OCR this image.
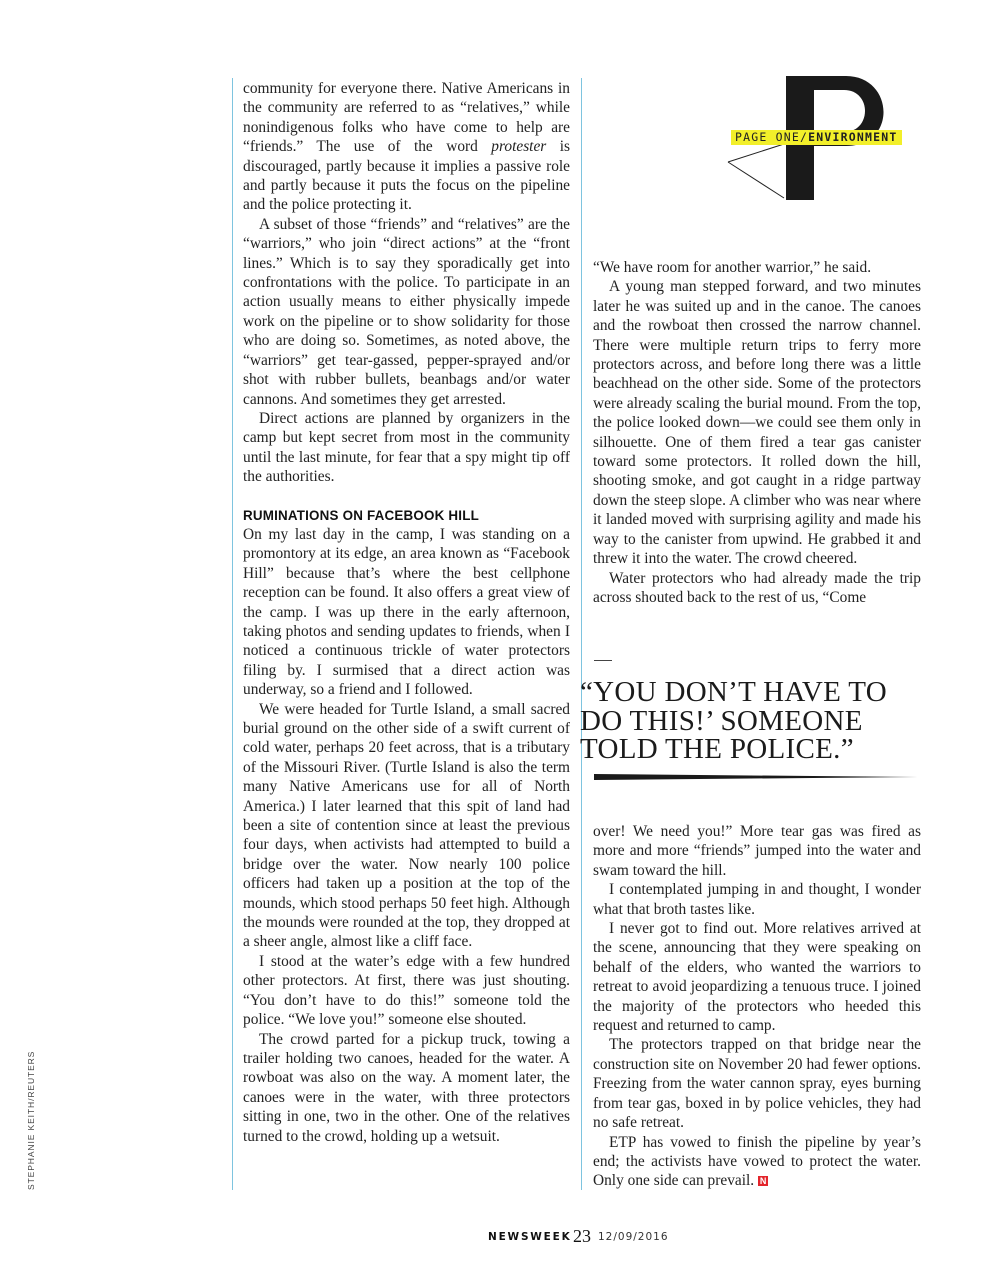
PAGE ONE/ENVIRONMENT

community for everyone there. Native Americans in the community are referred to as “relatives,” while nonindigenous folks who have come to help are “friends.” The use of the word protester is discouraged, partly because it implies a passive role and partly because it puts the focus on the pipeline and the police protecting it.

A subset of those “friends” and “relatives” are the “warriors,” who join “direct actions” at the “front lines.” Which is to say they sporadically get into confrontations with the police. To participate in an action usually means to either physically impede work on the pipeline or to show solidarity for those who are doing so. Sometimes, as noted above, the “warriors” get tear-gassed, pepper-sprayed and/or shot with rubber bullets, beanbags and/or water cannons. And sometimes they get arrested.

Direct actions are planned by organizers in the camp but kept secret from most in the community until the last minute, for fear that a spy might tip off the authorities.

RUMINATIONS ON FACEBOOK HILL

On my last day in the camp, I was standing on a promontory at its edge, an area known as “Facebook Hill” because that’s where the best cellphone reception can be found. It also offers a great view of the camp. I was up there in the early afternoon, taking photos and sending updates to friends, when I noticed a continuous trickle of water protectors filing by. I surmised that a direct action was underway, so a friend and I followed.

We were headed for Turtle Island, a small sacred burial ground on the other side of a swift current of cold water, perhaps 20 feet across, that is a tributary of the Missouri River. (Turtle Island is also the term many Native Americans use for all of North America.) I later learned that this spit of land had been a site of contention since at least the previous four days, when activists had attempted to build a bridge over the water. Now nearly 100 police officers had taken up a position at the top of the mounds, which stood perhaps 50 feet high. Although the mounds were rounded at the top, they dropped at a sheer angle, almost like a cliff face.

I stood at the water’s edge with a few hundred other protectors. At first, there was just shouting. “You don’t have to do this!” someone told the police. “We love you!” someone else shouted.

The crowd parted for a pickup truck, towing a trailer holding two canoes, headed for the water. A rowboat was also on the way. A moment later, the canoes were in the water, with three protectors sitting in one, two in the other. One of the relatives turned to the crowd, holding up a wetsuit.

“We have room for another warrior,” he said.

A young man stepped forward, and two minutes later he was suited up and in the canoe. The canoes and the rowboat then crossed the narrow channel. There were multiple return trips to ferry more protectors across, and before long there was a little beachhead on the other side. Some of the protectors were already scaling the burial mound. From the top, the police looked down—we could see them only in silhouette. One of them fired a tear gas canister toward some protectors. It rolled down the hill, shooting smoke, and got caught in a ridge partway down the steep slope. A climber who was near where it landed moved with surprising agility and made his way to the canister from upwind. He grabbed it and threw it into the water. The crowd cheered.

Water protectors who had already made the trip across shouted back to the rest of us, “Come

“YOU DON’T HAVE TO DO THIS!’ SOMEONE TOLD THE POLICE.”

over! We need you!” More tear gas was fired as more and more “friends” jumped into the water and swam toward the hill.

I contemplated jumping in and thought, I wonder what that broth tastes like.

I never got to find out. More relatives arrived at the scene, announcing that they were speaking on behalf of the elders, who wanted the warriors to retreat to avoid jeopardizing a tenuous truce. I joined the majority of the protectors who heeded this request and returned to camp.

The protectors trapped on that bridge near the construction site on November 20 had fewer options. Freezing from the water cannon spray, eyes burning from tear gas, boxed in by police vehicles, they had no safe retreat.

ETP has vowed to finish the pipeline by year’s end; the activists have vowed to protect the water. Only one side can prevail. N

STEPHANIE KEITH/REUTERS
NEWSWEEK 23 12/09/2016
